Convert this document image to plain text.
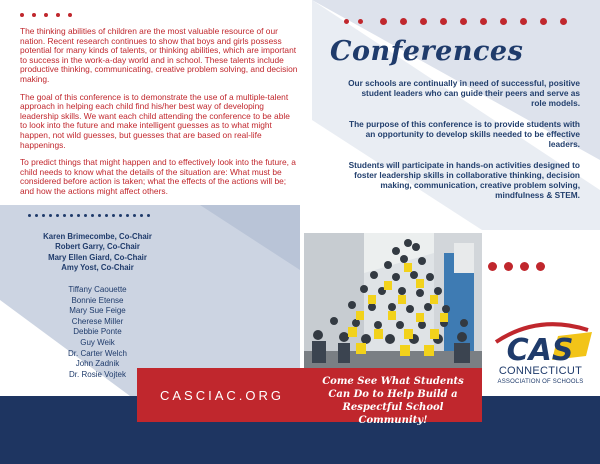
The thinking abilities of children are the most valuable resource of our nation. Recent research continues to show that boys and girls possess potential for many kinds of talents, or thinking abilities, which are important to success in the work-a-day world and in school. These talents include productive thinking, communicating, creative problem solving, and decision making.

The goal of this conference is to demonstrate the use of a multiple-talent approach in helping each child find his/her best way of developing leadership skills. We want each child attending the conference to be able to look into the future and make intelligent guesses as to what might happen, not wild guesses, but guesses that are based on real-life happenings.

To predict things that might happen and to effectively look into the future, a child needs to know what the details of the situation are: What must be considered before action is taken; what the effects of the actions will be; and how the actions might affect others.

Conferences

Our schools are continually in need of successful, positive student leaders who can guide their peers and serve as role models.

The purpose of this conference is to provide students with an opportunity to develop skills needed to be effective leaders.

Students will participate in hands-on activities designed to foster leadership skills in collaborative thinking, decision making, communication, creative problem solving, mindfulness & STEM.

Karen Brimecombe, Co-Chair
Robert Garry, Co-Chair
Mary Ellen Giard, Co-Chair
Amy Yost, Co-Chair
Tiffany Caouette
Bonnie Etense
Mary Sue Feige
Cherese Miller
Debbie Ponte
Guy Weik
Dr. Carter Welch
John Zadnik
Dr. Rosie Vojtek
CASCIAC.ORG
Come See What Students Can Do to Help Build a Respectful School Community!
CAS
CONNECTICUT
ASSOCIATION OF SCHOOLS
